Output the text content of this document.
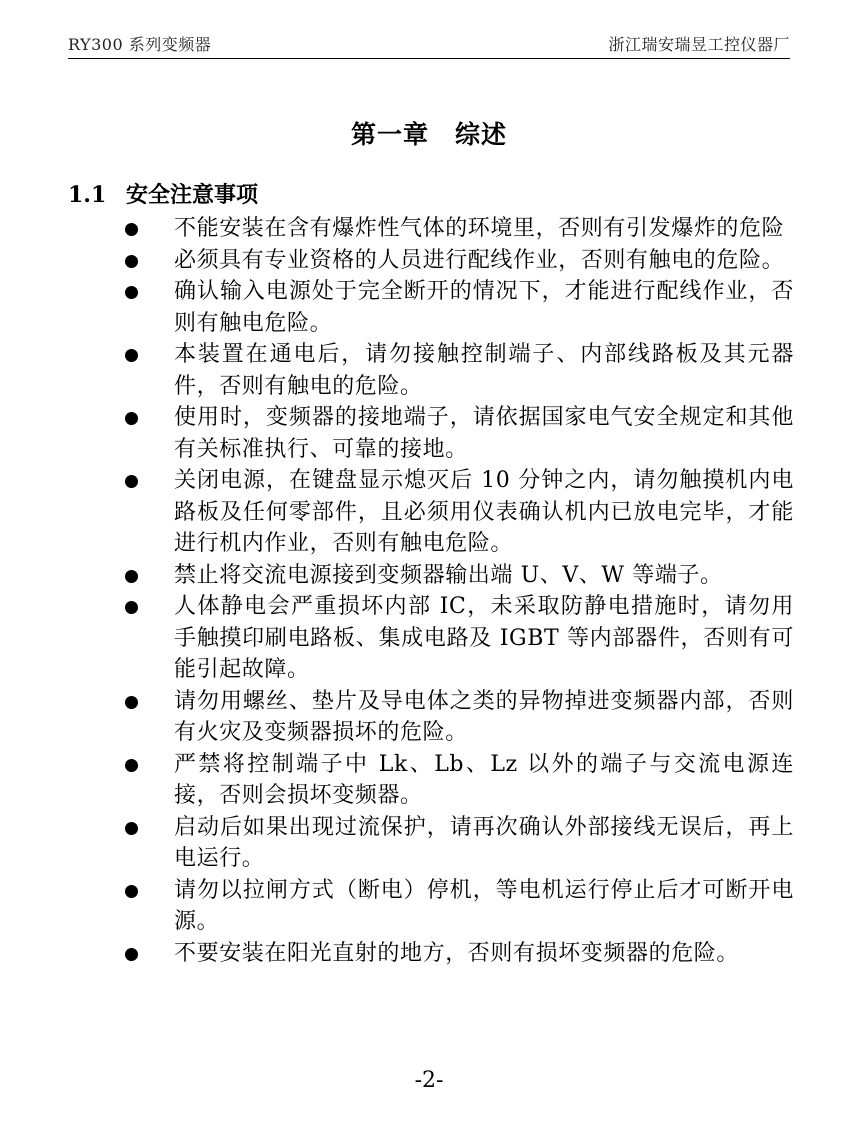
RY300 系列变频器	浙江瑞安瑞昱工控仪器厂
第一章　综述
1.1 安全注意事项
不能安装在含有爆炸性气体的环境里，否则有引发爆炸的危险
必须具有专业资格的人员进行配线作业，否则有触电的危险。
确认输入电源处于完全断开的情况下，才能进行配线作业，否则有触电危险。
本装置在通电后，请勿接触控制端子、内部线路板及其元器件，否则有触电的危险。
使用时，变频器的接地端子，请依据国家电气安全规定和其他有关标准执行、可靠的接地。
关闭电源，在键盘显示熄灭后 10 分钟之内，请勿触摸机内电路板及任何零部件，且必须用仪表确认机内已放电完毕，才能进行机内作业，否则有触电危险。
禁止将交流电源接到变频器输出端 U、V、W 等端子。
人体静电会严重损坏内部 IC，未采取防静电措施时，请勿用手触摸印刷电路板、集成电路及 IGBT 等内部器件，否则有可能引起故障。
请勿用螺丝、垫片及导电体之类的异物掉进变频器内部，否则有火灾及变频器损坏的危险。
严禁将控制端子中 Lk、Lb、Lz 以外的端子与交流电源连接，否则会损坏变频器。
启动后如果出现过流保护，请再次确认外部接线无误后，再上电运行。
请勿以拉闸方式（断电）停机，等电机运行停止后才可断开电源。
不要安装在阳光直射的地方，否则有损坏变频器的危险。
-2-
